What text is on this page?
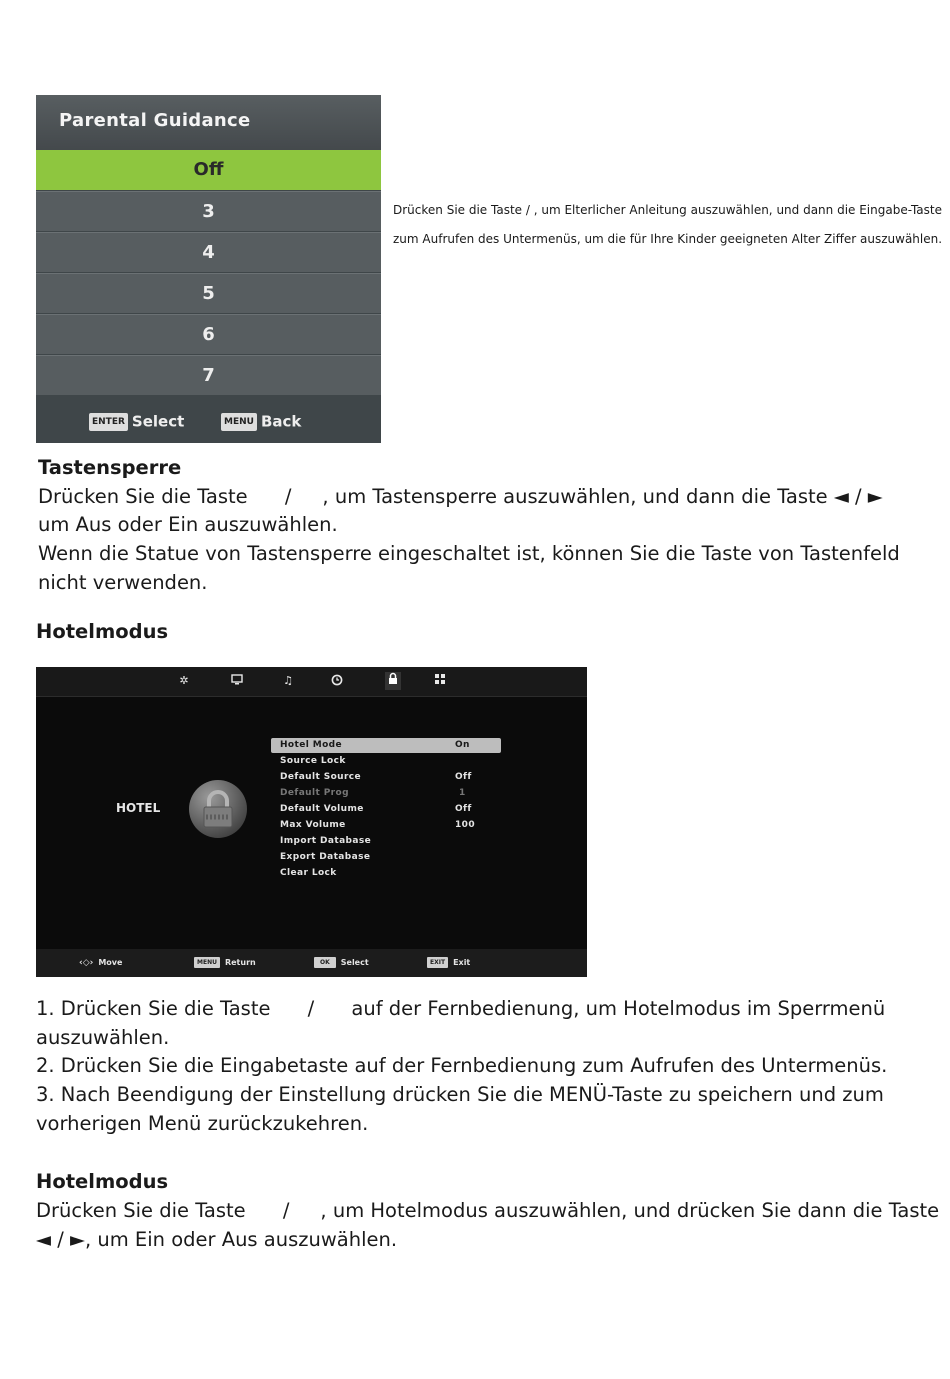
Parental Guidance
Off
3
4
5
6
7
ENTER Select	MENU Back
Drücken Sie die Taste / , um Elterlicher Anleitung auszuwählen, und dann die Eingabe-Taste zum Aufrufen des Untermenüs, um die für Ihre Kinder geeigneten Alter Ziffer auszuwählen.
Tastensperre
Drücken Sie die Taste      /     , um Tastensperre auszuwählen, und dann die Taste ◄ / ►
um Aus oder Ein auszuwählen.
Wenn die Statue von Tastensperre eingeschaltet ist, können Sie die Taste von Tastenfeld
nicht verwenden.
Hotelmodus
✲	♫
HOTEL
Hotel Mode	On
Source Lock
Default Source	Off
Default Prog	1
Default Volume	Off
Max Volume	100
Import Database
Export Database
Clear Lock
‹◇› Move	MENU Return	OK Select	EXIT Exit
1. Drücken Sie die Taste      /      auf der Fernbedienung, um Hotelmodus im Sperrmenü
auszuwählen.
2. Drücken Sie die Eingabetaste auf der Fernbedienung zum Aufrufen des Untermenüs.
3. Nach Beendigung der Einstellung drücken Sie die MENÜ-Taste zu speichern und zum
vorherigen Menü zurückzukehren.
Hotelmodus
Drücken Sie die Taste      /     , um Hotelmodus auszuwählen, und drücken Sie dann die Taste
◄ / ►, um Ein oder Aus auszuwählen.
